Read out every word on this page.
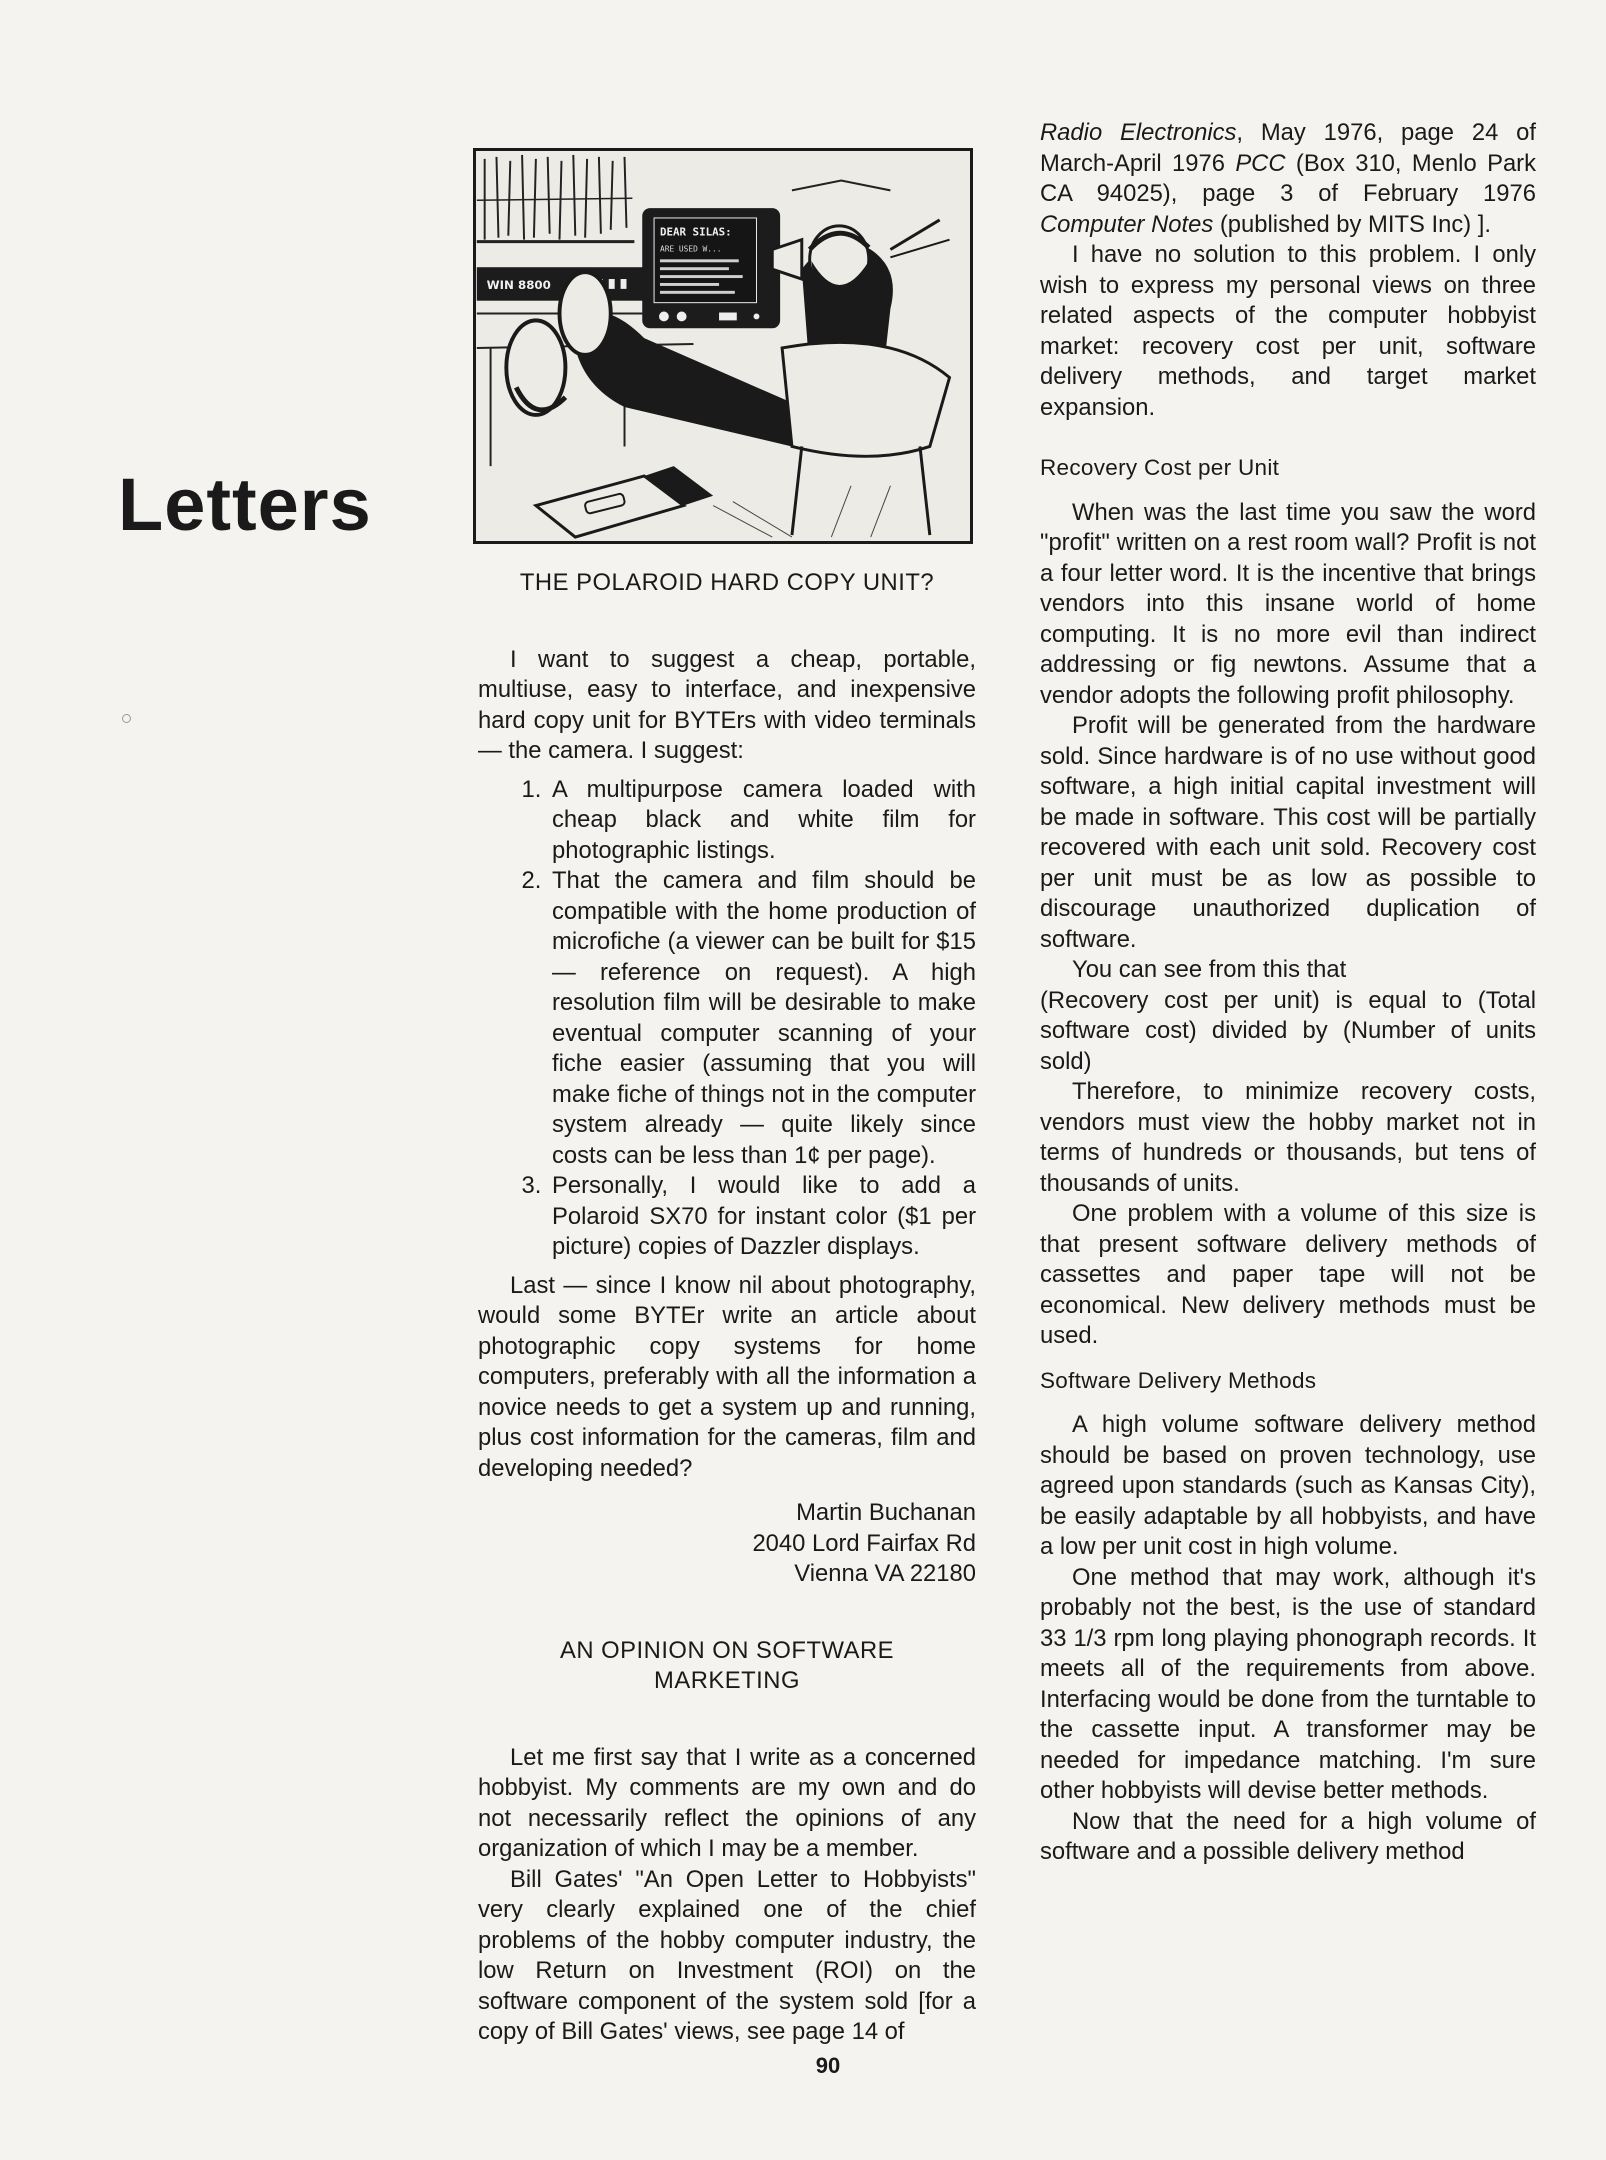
Letters
DEAR SILAS:
ARE USED W...
WIN 8800
THE POLAROID HARD COPY UNIT?

I want to suggest a cheap, portable, multiuse, easy to interface, and inexpensive hard copy unit for BYTErs with video terminals — the camera. I suggest:

1. A multipurpose camera loaded with cheap black and white film for photographic listings.
2. That the camera and film should be compatible with the home production of microfiche (a viewer can be built for $15 — reference on request). A high resolution film will be desirable to make eventual computer scanning of your fiche easier (assuming that you will make fiche of things not in the computer system already — quite likely since costs can be less than 1¢ per page).
3. Personally, I would like to add a Polaroid SX70 for instant color ($1 per picture) copies of Dazzler displays.

Last — since I know nil about photography, would some BYTEr write an article about photographic copy systems for home computers, preferably with all the information a novice needs to get a system up and running, plus cost information for the cameras, film and developing needed?

Martin Buchanan

2040 Lord Fairfax Rd

Vienna VA 22180

AN OPINION ON SOFTWARE
MARKETING

Let me first say that I write as a concerned hobbyist. My comments are my own and do not necessarily reflect the opinions of any organization of which I may be a member.

Bill Gates' "An Open Letter to Hobbyists" very clearly explained one of the chief problems of the hobby computer industry, the low Return on Investment (ROI) on the software component of the system sold [for a copy of Bill Gates' views, see page 14 of

Radio Electronics, May 1976, page 24 of March-April 1976 PCC (Box 310, Menlo Park CA 94025), page 3 of February 1976 Computer Notes (published by MITS Inc) ].

I have no solution to this problem. I only wish to express my personal views on three related aspects of the computer hobbyist market: recovery cost per unit, software delivery methods, and target market expansion.

Recovery Cost per Unit

When was the last time you saw the word "profit" written on a rest room wall? Profit is not a four letter word. It is the incentive that brings vendors into this insane world of home computing. It is no more evil than indirect addressing or fig newtons. Assume that a vendor adopts the following profit philosophy.

Profit will be generated from the hardware sold. Since hardware is of no use without good software, a high initial capital investment will be made in software. This cost will be partially recovered with each unit sold. Recovery cost per unit must be as low as possible to discourage unauthorized duplication of software.

You can see from this that

(Recovery cost per unit) is equal to (Total software cost) divided by (Number of units sold)

Therefore, to minimize recovery costs, vendors must view the hobby market not in terms of hundreds or thousands, but tens of thousands of units.

One problem with a volume of this size is that present software delivery methods of cassettes and paper tape will not be economical. New delivery methods must be used.

Software Delivery Methods

A high volume software delivery method should be based on proven technology, use agreed upon standards (such as Kansas City), be easily adaptable by all hobbyists, and have a low per unit cost in high volume.

One method that may work, although it's probably not the best, is the use of standard 33 1/3 rpm long playing phonograph records. It meets all of the requirements from above. Interfacing would be done from the turntable to the cassette input. A transformer may be needed for impedance matching. I'm sure other hobbyists will devise better methods.

Now that the need for a high volume of software and a possible delivery method

90
